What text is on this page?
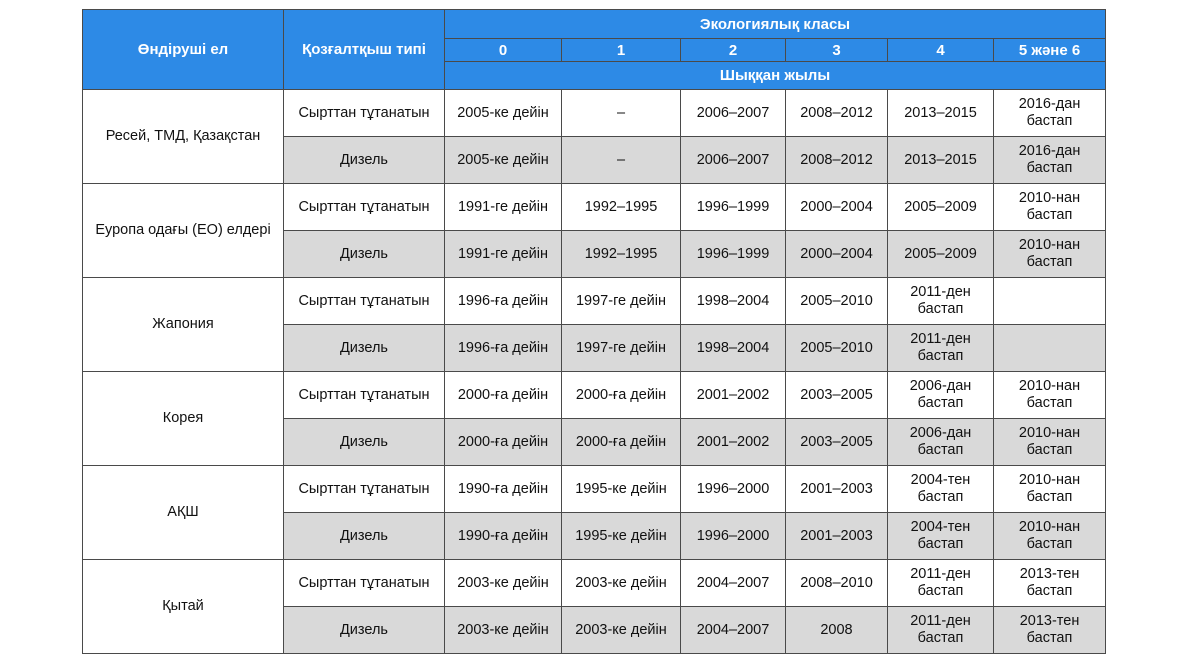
Өндіруші ел	Қозғалтқыш типі	Экологиялық класы					
		0	1	2	3	4	5 және 6
		Шыққан жылы					
Ресей, ТМД, Қазақстан	Сырттан тұтанатын	2005-ке дейін	–	2006–2007	2008–2012	2013–2015	2016-дан бастап
	Дизель	2005-ке дейін	–	2006–2007	2008–2012	2013–2015	2016-дан бастап
Еуропа одағы (ЕО) елдері	Сырттан тұтанатын	1991-ге дейін	1992–1995	1996–1999	2000–2004	2005–2009	2010-нан бастап
	Дизель	1991-ге дейін	1992–1995	1996–1999	2000–2004	2005–2009	2010-нан бастап
Жапония	Сырттан тұтанатын	1996-ға дейін	1997-ге дейін	1998–2004	2005–2010	2011-ден бастап	
	Дизель	1996-ға дейін	1997-ге дейін	1998–2004	2005–2010	2011-ден бастап	
Корея	Сырттан тұтанатын	2000-ға дейін	2000-ға дейін	2001–2002	2003–2005	2006-дан бастап	2010-нан бастап
	Дизель	2000-ға дейін	2000-ға дейін	2001–2002	2003–2005	2006-дан бастап	2010-нан бастап
АҚШ	Сырттан тұтанатын	1990-ға дейін	1995-ке дейін	1996–2000	2001–2003	2004-тен бастап	2010-нан бастап
	Дизель	1990-ға дейін	1995-ке дейін	1996–2000	2001–2003	2004-тен бастап	2010-нан бастап
Қытай	Сырттан тұтанатын	2003-ке дейін	2003-ке дейін	2004–2007	2008–2010	2011-ден бастап	2013-тен бастап
	Дизель	2003-ке дейін	2003-ке дейін	2004–2007	2008	2011-ден бастап	2013-тен бастап
